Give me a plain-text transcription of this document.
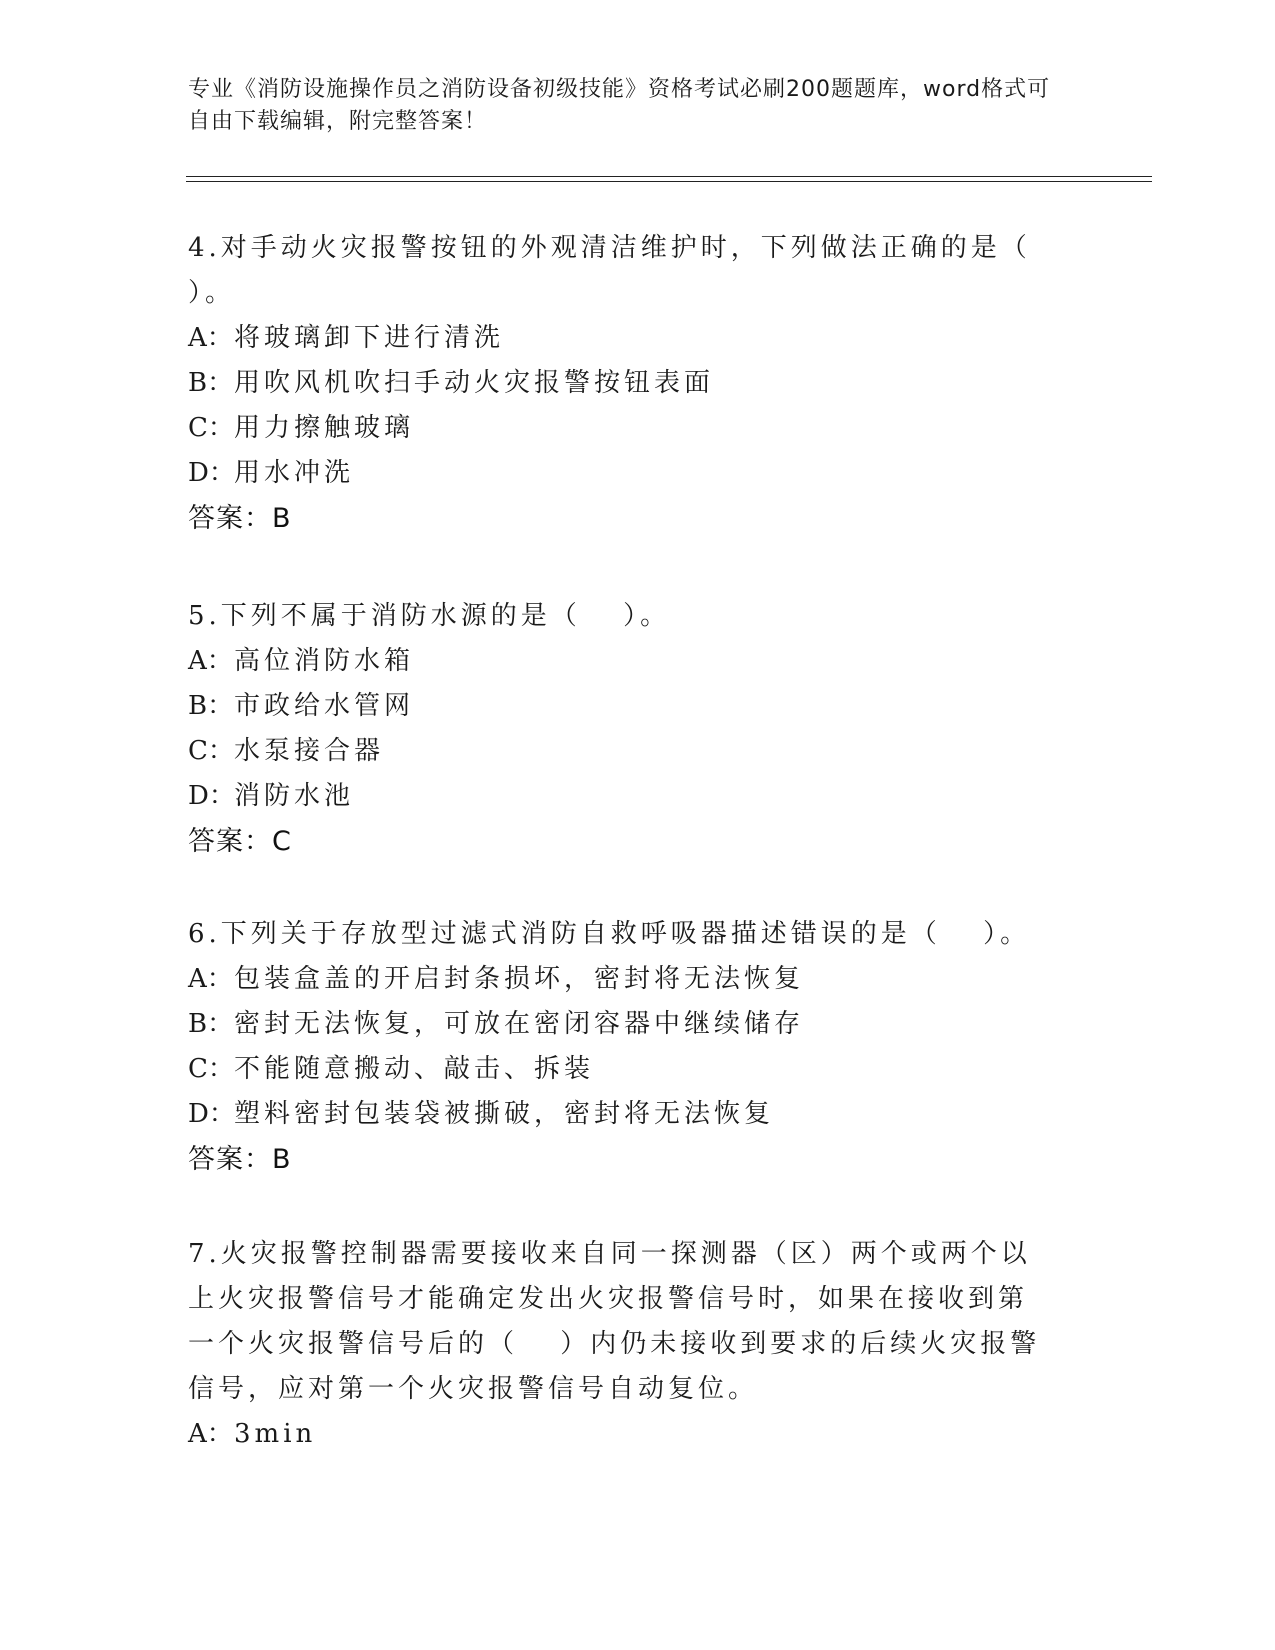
专业《消防设施操作员之消防设备初级技能》资格考试必刷200题题库，word格式可自由下载编辑，附完整答案！
4.对手动火灾报警按钮的外观清洁维护时，下列做法正确的是（　 ）。
A：将玻璃卸下进行清洗
B：用吹风机吹扫手动火灾报警按钮表面
C：用力擦触玻璃
D：用水冲洗
答案：B
5.下列不属于消防水源的是（　 ）。
A：高位消防水箱
B：市政给水管网
C：水泵接合器
D：消防水池
答案：C
6.下列关于存放型过滤式消防自救呼吸器描述错误的是（　 ）。
A：包装盒盖的开启封条损坏，密封将无法恢复
B：密封无法恢复，可放在密闭容器中继续储存
C：不能随意搬动、敲击、拆装
D：塑料密封包装袋被撕破，密封将无法恢复
答案：B
7.火灾报警控制器需要接收来自同一探测器（区）两个或两个以上火灾报警信号才能确定发出火灾报警信号时，如果在接收到第一个火灾报警信号后的（　 ）内仍未接收到要求的后续火灾报警信号，应对第一个火灾报警信号自动复位。
A：3min
